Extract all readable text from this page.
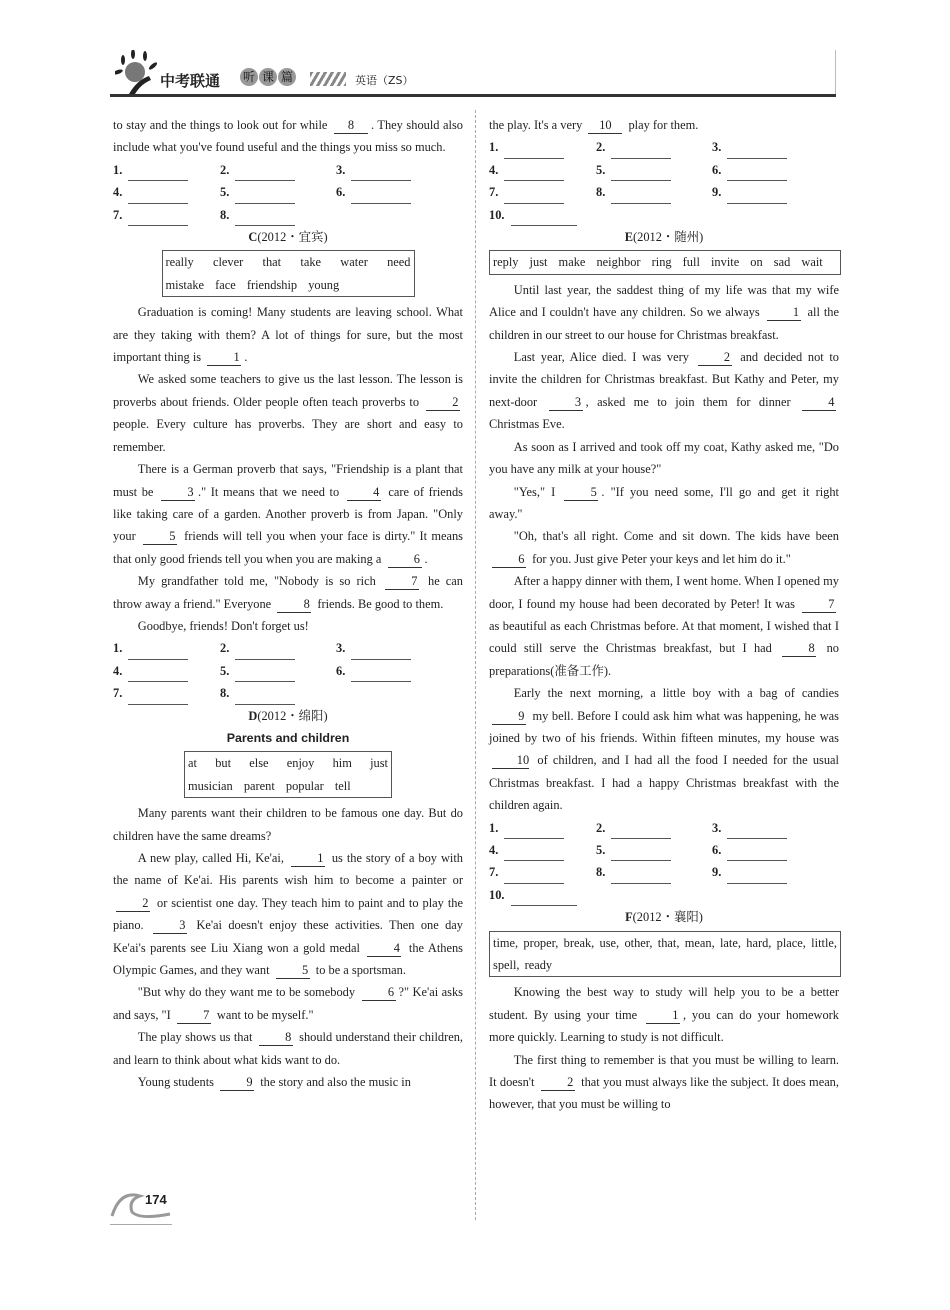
中考联通 听 课 篇	英语（ZS）

to stay and the things to look out for while 8 . They should also include what you've found useful and the things you miss so much.

1.	2.	3.
4.	5.	6.
7.	8.
C(2012・宜宾)
really clever that take water need mistake face friendship young

Graduation is coming! Many students are leaving school. What are they taking with them? A lot of things for sure, but the most important thing is 1 .

We asked some teachers to give us the last lesson. The lesson is proverbs about friends. Older people often teach proverbs to 2 people. Every culture has proverbs. They are short and easy to remember.

There is a German proverb that says, "Friendship is a plant that must be 3 ." It means that we need to 4 care of friends like taking care of a garden. Another proverb is from Japan. "Only your 5 friends will tell you when your face is dirty." It means that only good friends tell you when you are making a 6 .

My grandfather told me, "Nobody is so rich 7 he can throw away a friend." Everyone 8 friends. Be good to them.

Goodbye, friends! Don't forget us!

1.	2.	3.
4.	5.	6.
7.	8.
D(2012・绵阳)
Parents and children
at but else enjoy him just musician parent popular tell

Many parents want their children to be famous one day. But do children have the same dreams?

A new play, called Hi, Ke'ai, 1 us the story of a boy with the name of Ke'ai. His parents wish him to become a painter or 2 or scientist one day. They teach him to paint and to play the piano. 3 Ke'ai doesn't enjoy these activities. Then one day Ke'ai's parents see Liu Xiang won a gold medal 4 the Athens Olympic Games, and they want 5 to be a sportsman.

"But why do they want me to be somebody 6 ?" Ke'ai asks and says, "I 7 want to be myself."

The play shows us that 8 should understand their children, and learn to think about what kids want to do.

Young students 9 the story and also the music in

the play. It's a very 10 play for them.

1.	2.	3.
4.	5.	6.
7.	8.	9.
10.
E(2012・随州)
reply just make neighbor ring full invite on sad wait

Until last year, the saddest thing of my life was that my wife Alice and I couldn't have any children. So we always 1 all the children in our street to our house for Christmas breakfast.

Last year, Alice died. I was very 2 and decided not to invite the children for Christmas breakfast. But Kathy and Peter, my next-door 3 , asked me to join them for dinner 4 Christmas Eve.

As soon as I arrived and took off my coat, Kathy asked me, "Do you have any milk at your house?"

"Yes," I 5 . "If you need some, I'll go and get it right away."

"Oh, that's all right. Come and sit down. The kids have been 6 for you. Just give Peter your keys and let him do it."

After a happy dinner with them, I went home. When I opened my door, I found my house had been decorated by Peter! It was 7 as beautiful as each Christmas before. At that moment, I wished that I could still serve the Christmas breakfast, but I had 8 no preparations(准备工作).

Early the next morning, a little boy with a bag of candies 9 my bell. Before I could ask him what was happening, he was joined by two of his friends. Within fifteen minutes, my house was 10 of children, and I had all the food I needed for the usual Christmas breakfast. I had a happy Christmas breakfast with the children again.

1.	2.	3.
4.	5.	6.
7.	8.	9.
10.
F(2012・襄阳)
time, proper, break, use, other, that, mean, late, hard, place, little, spell, ready

Knowing the best way to study will help you to be a better student. By using your time 1 , you can do your homework more quickly. Learning to study is not difficult.

The first thing to remember is that you must be willing to learn. It doesn't 2 that you must always like the subject. It does mean, however, that you must be willing to

174
